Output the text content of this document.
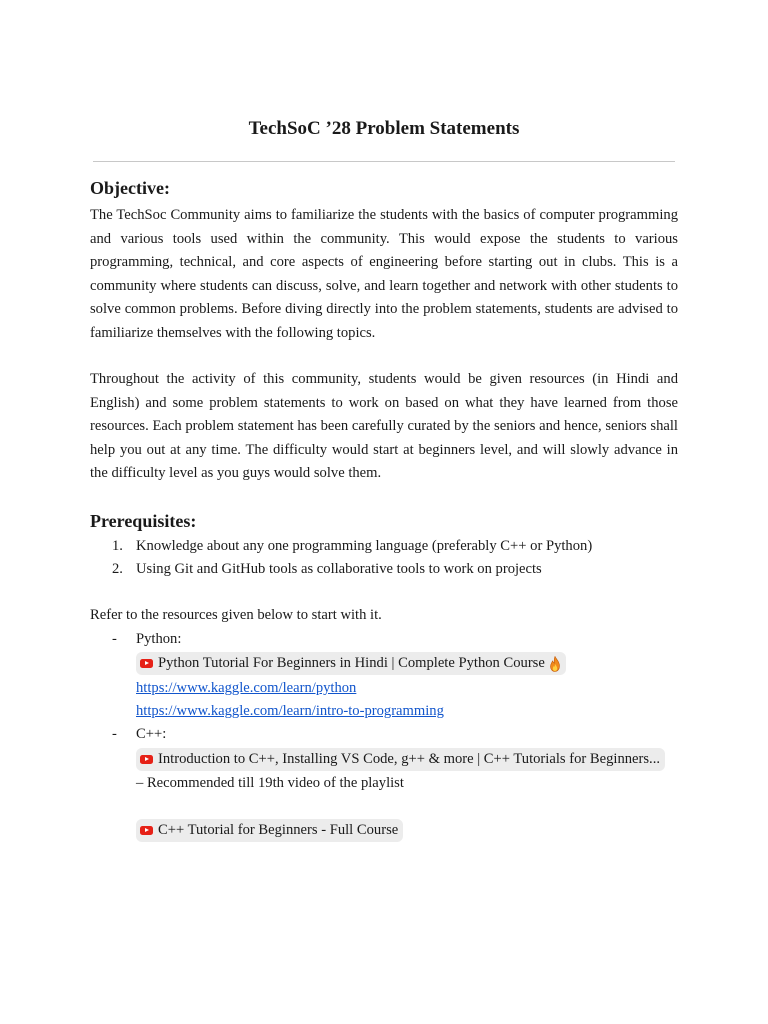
TechSoC ’28 Problem Statements
Objective:

The TechSoc Community aims to familiarize the students with the basics of computer programming and various tools used within the community. This would expose the students to various programming, technical, and core aspects of engineering before starting out in clubs. This is a community where students can discuss, solve, and learn together and network with other students to solve common problems. Before diving directly into the problem statements, students are advised to familiarize themselves with the following topics.

Throughout the activity of this community, students would be given resources (in Hindi and English) and some problem statements to work on based on what they have learned from those resources. Each problem statement has been carefully curated by the seniors and hence, seniors shall help you out at any time. The difficulty would start at beginners level, and will slowly advance in the difficulty level as you guys would solve them.

Prerequisites:
1. Knowledge about any one programming language (preferably C++ or Python)
2. Using Git and GitHub tools as collaborative tools to work on projects

Refer to the resources given below to start with it.

- Python:
Python Tutorial For Beginners in Hindi | Complete Python Course
https://www.kaggle.com/learn/python
https://www.kaggle.com/learn/intro-to-programming
- C++:
Introduction to C++, Installing VS Code, g++ & more | C++ Tutorials for Beginners...
– Recommended till 19th video of the playlist
C++ Tutorial for Beginners - Full Course
